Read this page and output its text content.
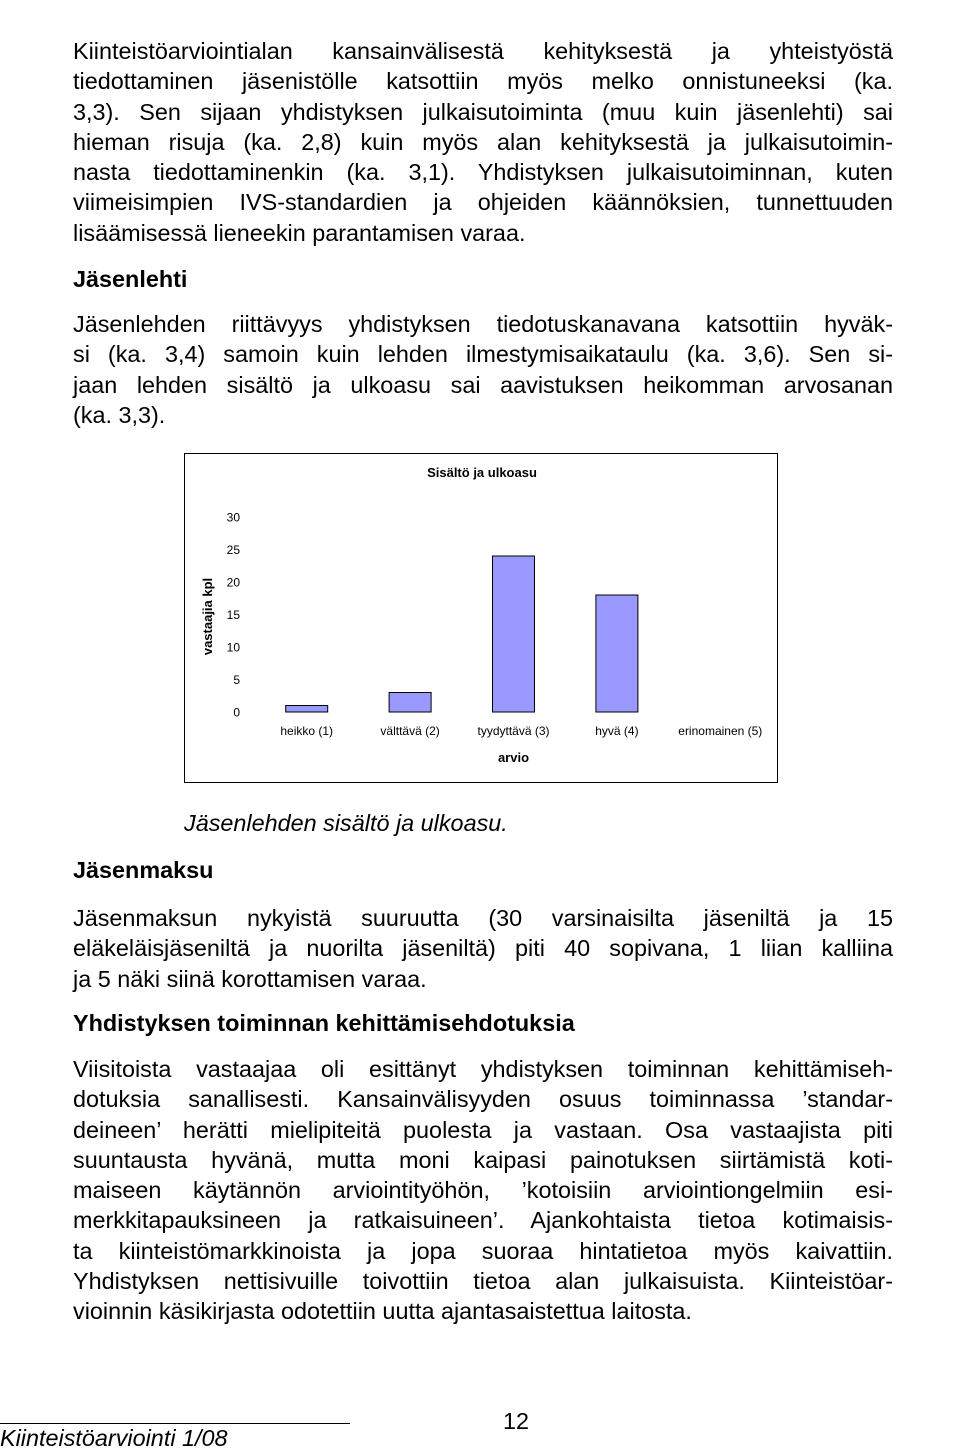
Kiinteistöarviointialan kansainvälisestä kehityksestä ja yhteistyöstä
tiedottaminen jäsenistölle katsottiin myös melko onnistuneeksi (ka.
3,3). Sen sijaan yhdistyksen julkaisutoiminta (muu kuin jäsenlehti) sai
hieman risuja (ka. 2,8) kuin myös alan kehityksestä ja julkaisutoimin-
nasta tiedottaminenkin (ka. 3,1). Yhdistyksen julkaisutoiminnan, kuten
viimeisimpien IVS-standardien ja ohjeiden käännöksien, tunnettuuden
lisäämisessä lieneekin parantamisen varaa.
Jäsenlehti
Jäsenlehden riittävyys yhdistyksen tiedotuskanavana katsottiin hyväk-
si (ka. 3,4) samoin kuin lehden ilmestymisaikataulu (ka. 3,6). Sen si-
jaan lehden sisältö ja ulkoasu sai aavistuksen heikomman arvosanan
(ka. 3,3).
Sisältö ja ulkoasu
0
5
10
15
20
25
30
vastaajia kpl
heikko (1)	välttävä (2)	tyydyttävä (3)	hyvä (4)	erinomainen (5)
arvio
Jäsenlehden sisältö ja ulkoasu.
Jäsenmaksu
Jäsenmaksun nykyistä suuruutta (30 varsinaisilta jäseniltä ja 15
eläkeläisjäseniltä ja nuorilta jäseniltä) piti 40 sopivana, 1 liian kalliina
ja 5 näki siinä korottamisen varaa.
Yhdistyksen toiminnan kehittämisehdotuksia
Viisitoista vastaajaa oli esittänyt yhdistyksen toiminnan kehittämiseh-
dotuksia sanallisesti. Kansainvälisyyden osuus toiminnassa ’standar-
deineen’ herätti mielipiteitä puolesta ja vastaan. Osa vastaajista piti
suuntausta hyvänä, mutta moni kaipasi painotuksen siirtämistä koti-
maiseen käytännön arviointityöhön, ’kotoisiin arviointiongelmiin esi-
merkkitapauksineen ja ratkaisuineen’. Ajankohtaista tietoa kotimaisis-
ta kiinteistömarkkinoista ja jopa suoraa hintatietoa myös kaivattiin.
Yhdistyksen nettisivuille toivottiin tietoa alan julkaisuista. Kiinteistöar-
vioinnin käsikirjasta odotettiin uutta ajantasaistettua laitosta.
Kiinteistöarviointi 1/08
12
